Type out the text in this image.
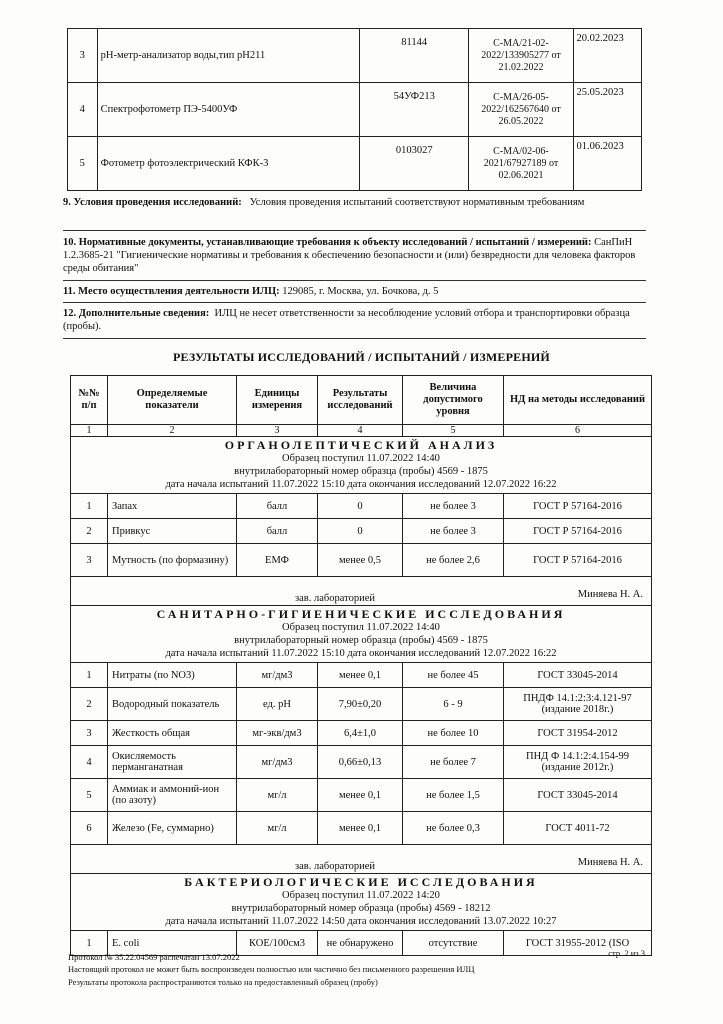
3	pH-метр-анализатор воды,тип pH211	81144	С-МА/21-02-2022/133905277 от 21.02.2022	20.02.2023
4	Спектрофотометр ПЭ-5400УФ	54УФ213	С-МА/26-05-2022/162567640 от 26.05.2022	25.05.2023
5	Фотометр фотоэлектрический КФК-3	0103027	С-МА/02-06-2021/67927189 от 02.06.2021	01.06.2023
9. Условия проведения исследований: Условия проведения испытаний соответствуют нормативным требованиям
10. Нормативные документы, устанавливающие требования к объекту исследований / испытаний / измерений: СанПиН 1.2.3685-21 "Гигиенические нормативы и требования к обеспечению безопасности и (или) безвредности для человека факторов среды обитания"
11. Место осуществления деятельности ИЛЦ: 129085, г. Москва, ул. Бочкова, д. 5
12. Дополнительные сведения: ИЛЦ не несет ответственности за несоблюдение условий отбора и транспортировки образца (пробы).
РЕЗУЛЬТАТЫ ИССЛЕДОВАНИЙ / ИСПЫТАНИЙ / ИЗМЕРЕНИЙ
№№ п/п	Определяемые показатели	Единицы измерения	Результаты исследований	Величина допустимого уровня	НД на методы исследований
1	2	3	4	5	6

ОРГАНОЛЕПТИЧЕСКИЙ АНАЛИЗ
Образец поступил 11.07.2022 14:40
внутрилабораторный номер образца (пробы) 4569 - 1875
дата начала испытаний 11.07.2022 15:10 дата окончания исследований 12.07.2022 16:22					

1	Запах	балл	0	не более 3	ГОСТ Р 57164-2016
2	Привкус	балл	0	не более 3	ГОСТ Р 57164-2016
3	Мутность (по формазину)	ЕМФ	менее 0,5	не более 2,6	ГОСТ Р 57164-2016

зав. лабораторией Миняева Н. А.					

САНИТАРНО-ГИГИЕНИЧЕСКИЕ ИССЛЕДОВАНИЯ
Образец поступил 11.07.2022 14:40
внутрилабораторный номер образца (пробы) 4569 - 1875
дата начала испытаний 11.07.2022 15:10 дата окончания исследований 12.07.2022 16:22					

1	Нитраты (по NO3)	мг/дм3	менее 0,1	не более 45	ГОСТ 33045-2014
2	Водородный показатель	ед. pH	7,90±0,20	6 - 9	ПНДФ 14.1:2:3:4.121-97 (издание 2018г.)
3	Жесткость общая	мг-экв/дм3	6,4±1,0	не более 10	ГОСТ 31954-2012
4	Окисляемость перманганатная	мг/дм3	0,66±0,13	не более 7	ПНД Ф 14.1:2:4.154-99 (издание 2012г.)
5	Аммиак и аммоний-ион (по азоту)	мг/л	менее 0,1	не более 1,5	ГОСТ 33045-2014
6	Железо (Fe, суммарно)	мг/л	менее 0,1	не более 0,3	ГОСТ 4011-72

зав. лабораторией Миняева Н. А.					

БАКТЕРИОЛОГИЧЕСКИЕ ИССЛЕДОВАНИЯ
Образец поступил 11.07.2022 14:20
внутрилабораторный номер образца (пробы) 4569 - 18212
дата начала испытаний 11.07.2022 14:50 дата окончания исследований 13.07.2022 10:27					

1	E. coli	КОЕ/100см3	не обнаружено	отсутствие	ГОСТ 31955-2012 (ISO
Протокол № 35.22.04569 распечатан 13.07.2022
Настоящий протокол не может быть воспроизведен полностью или частично без письменного разрешения ИЛЦ
Результаты протокола распространяются только на предоставленный образец (пробу)
стр. 2 из 3
